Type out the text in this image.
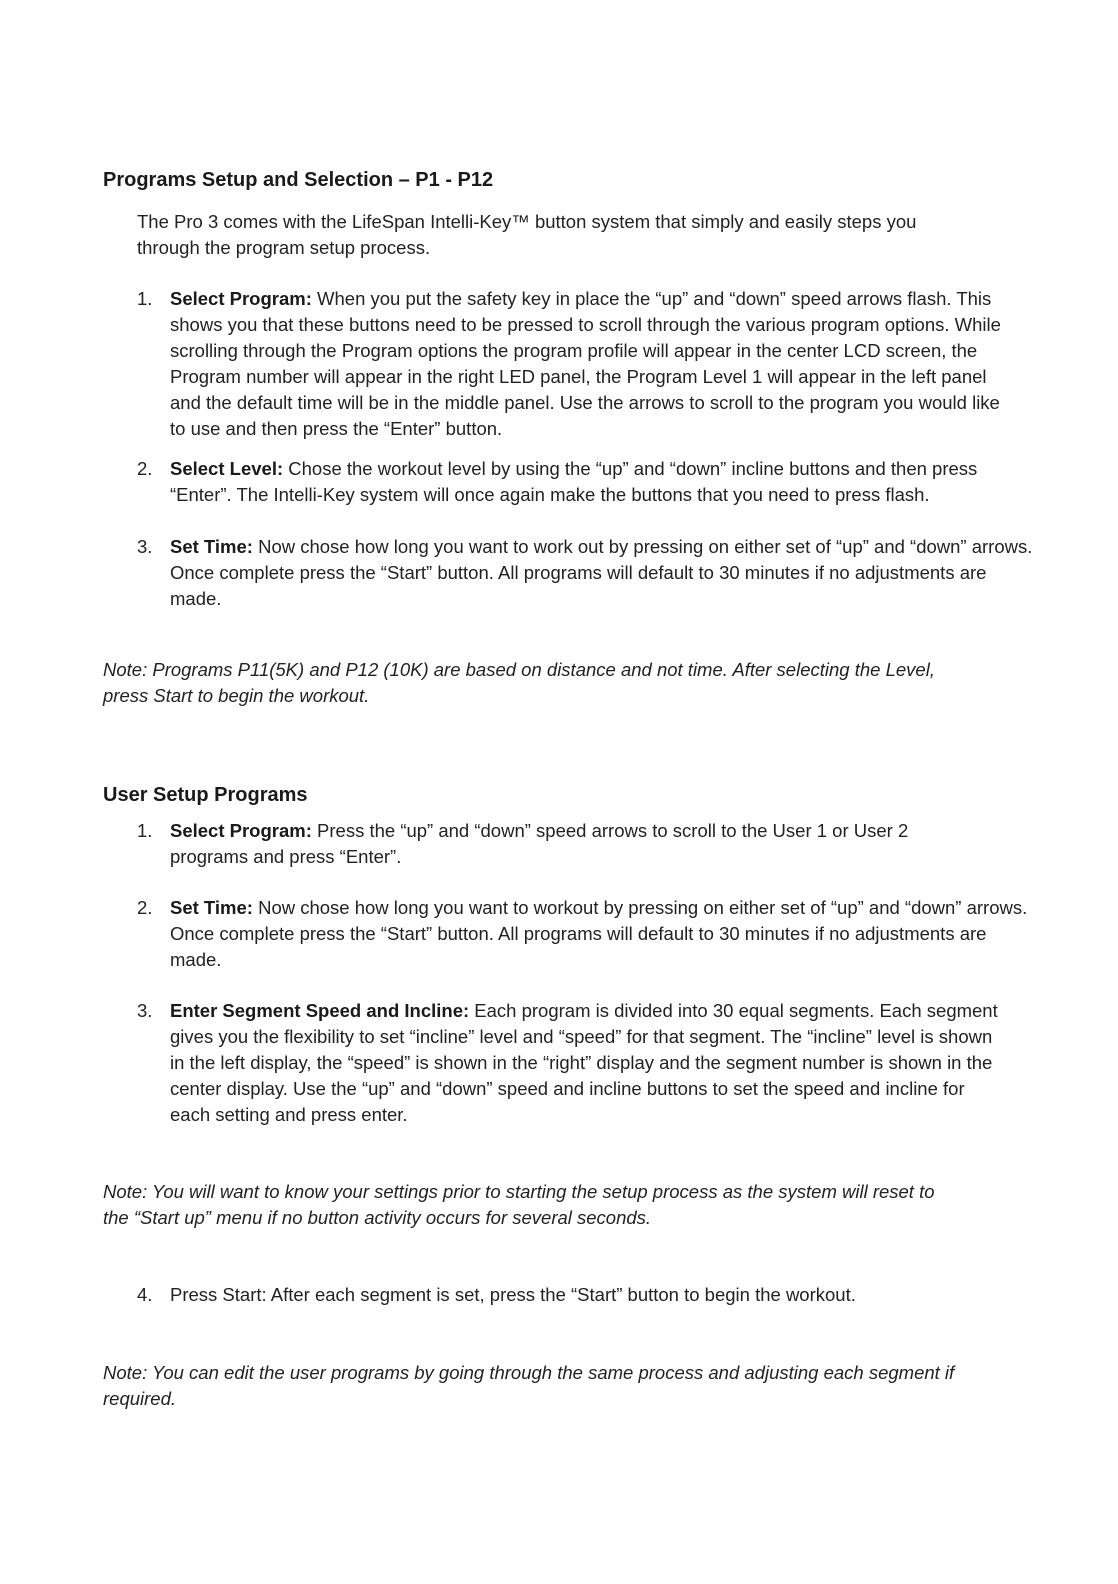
Programs Setup and Selection – P1 - P12
The Pro 3 comes with the LifeSpan Intelli-Key™ button system that simply and easily steps you through the program setup process.
1. Select Program: When you put the safety key in place the “up” and “down” speed arrows flash. This shows you that these buttons need to be pressed to scroll through the various program options. While scrolling through the Program options the program profile will appear in the center LCD screen, the Program number will appear in the right LED panel, the Program Level 1 will appear in the left panel and the default time will be in the middle panel. Use the arrows to scroll to the program you would like to use and then press the “Enter” button.
2. Select Level: Chose the workout level by using the “up” and “down” incline buttons and then press “Enter”. The Intelli-Key system will once again make the buttons that you need to press flash.
3. Set Time: Now chose how long you want to work out by pressing on either set of “up” and “down” arrows. Once complete press the “Start” button. All programs will default to 30 minutes if no adjustments are made.
Note: Programs P11(5K) and P12 (10K) are based on distance and not time. After selecting the Level, press Start to begin the workout.
User Setup Programs
1. Select Program: Press the “up” and “down” speed arrows to scroll to the User 1 or User 2 programs and press “Enter”.
2. Set Time: Now chose how long you want to workout by pressing on either set of “up” and “down” arrows. Once complete press the “Start” button. All programs will default to 30 minutes if no adjustments are made.
3. Enter Segment Speed and Incline: Each program is divided into 30 equal segments. Each segment gives you the flexibility to set “incline” level and “speed” for that segment. The “incline” level is shown in the left display, the “speed” is shown in the “right” display and the segment number is shown in the center display. Use the “up” and “down” speed and incline buttons to set the speed and incline for each setting and press enter.
Note: You will want to know your settings prior to starting the setup process as the system will reset to the “Start up” menu if no button activity occurs for several seconds.
4. Press Start: After each segment is set, press the “Start” button to begin the workout.
Note: You can edit the user programs by going through the same process and adjusting each segment if required.
